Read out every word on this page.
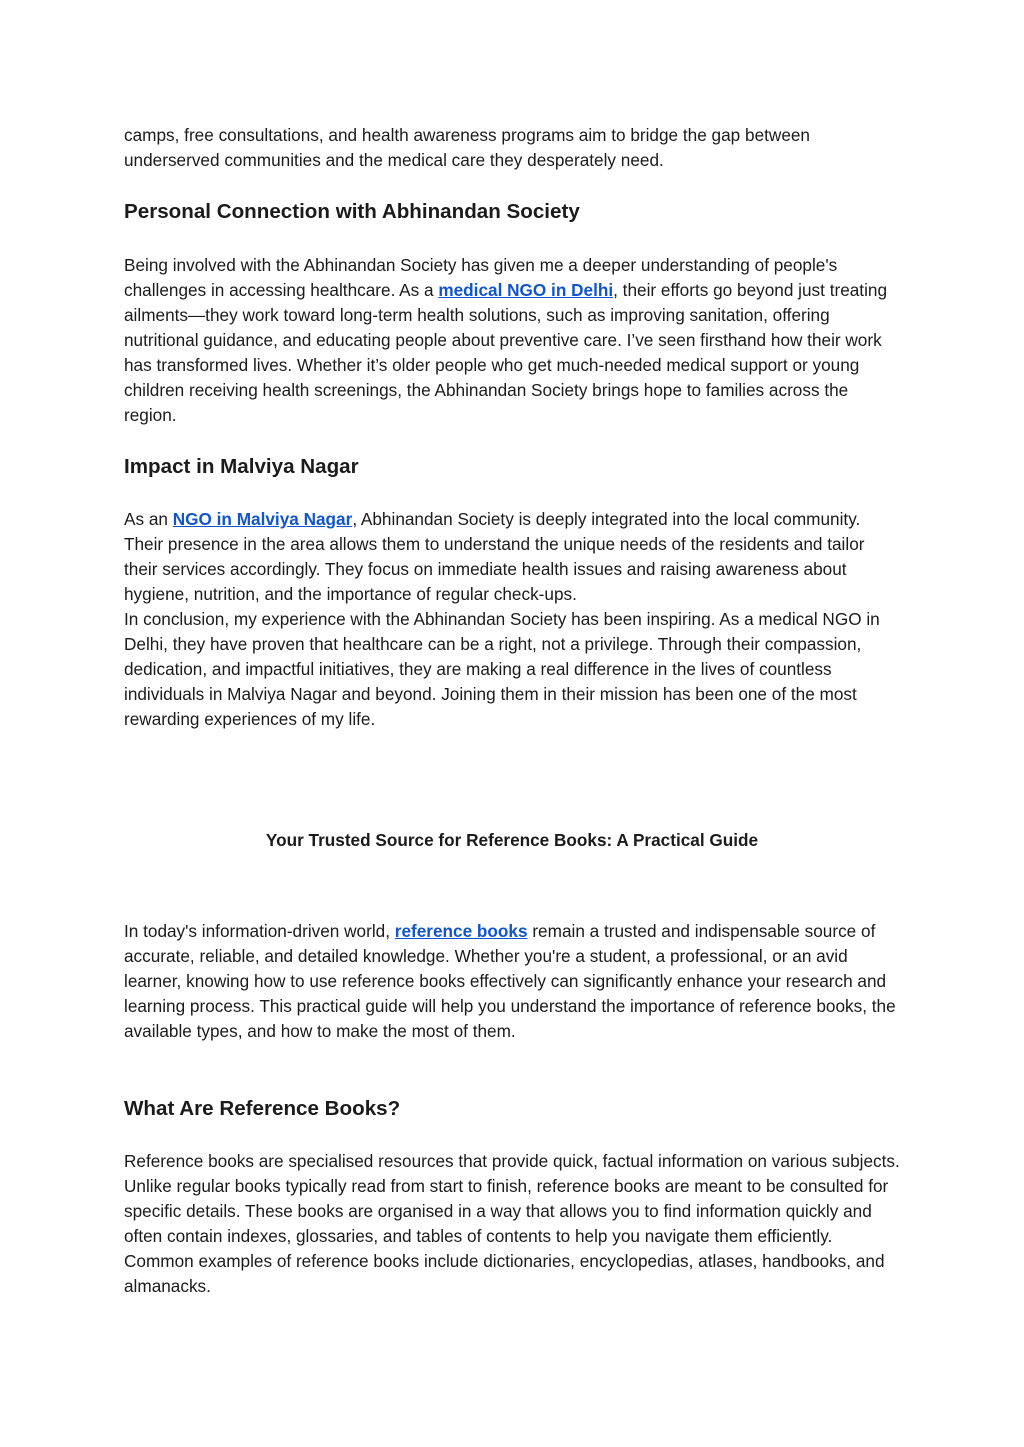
camps, free consultations, and health awareness programs aim to bridge the gap between underserved communities and the medical care they desperately need.

Personal Connection with Abhinandan Society

Being involved with the Abhinandan Society has given me a deeper understanding of people's challenges in accessing healthcare. As a medical NGO in Delhi, their efforts go beyond just treating ailments—they work toward long-term health solutions, such as improving sanitation, offering nutritional guidance, and educating people about preventive care. I’ve seen firsthand how their work has transformed lives. Whether it’s older people who get much-needed medical support or young children receiving health screenings, the Abhinandan Society brings hope to families across the region.

Impact in Malviya Nagar

As an NGO in Malviya Nagar, Abhinandan Society is deeply integrated into the local community. Their presence in the area allows them to understand the unique needs of the residents and tailor their services accordingly. They focus on immediate health issues and raising awareness about hygiene, nutrition, and the importance of regular check-ups.

In conclusion, my experience with the Abhinandan Society has been inspiring. As a medical NGO in Delhi, they have proven that healthcare can be a right, not a privilege. Through their compassion, dedication, and impactful initiatives, they are making a real difference in the lives of countless individuals in Malviya Nagar and beyond. Joining them in their mission has been one of the most rewarding experiences of my life.

Your Trusted Source for Reference Books: A Practical Guide

In today's information-driven world, reference books remain a trusted and indispensable source of accurate, reliable, and detailed knowledge. Whether you're a student, a professional, or an avid learner, knowing how to use reference books effectively can significantly enhance your research and learning process. This practical guide will help you understand the importance of reference books, the available types, and how to make the most of them.

What Are Reference Books?

Reference books are specialised resources that provide quick, factual information on various subjects. Unlike regular books typically read from start to finish, reference books are meant to be consulted for specific details. These books are organised in a way that allows you to find information quickly and often contain indexes, glossaries, and tables of contents to help you navigate them efficiently. Common examples of reference books include dictionaries, encyclopedias, atlases, handbooks, and almanacks.
